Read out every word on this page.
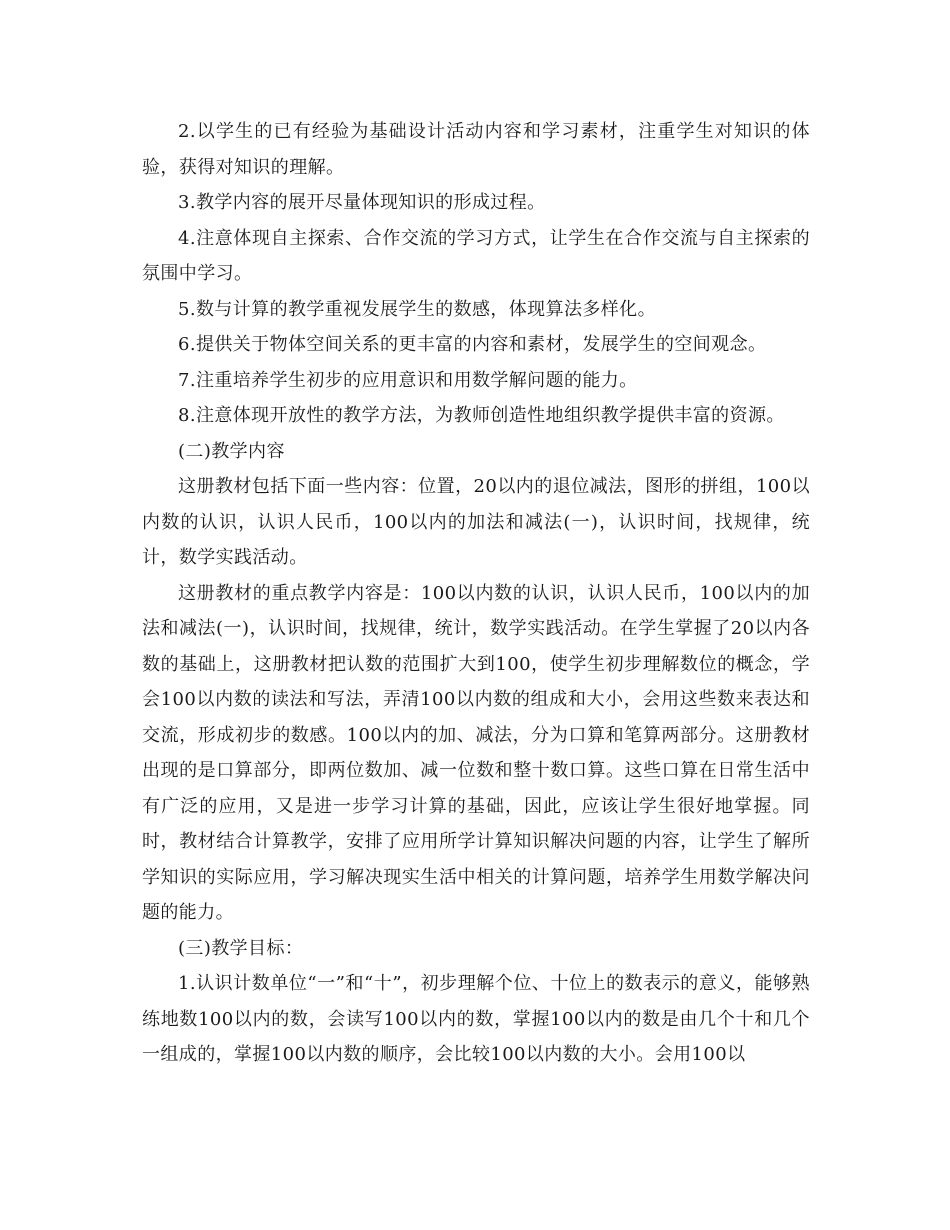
2.以学生的已有经验为基础设计活动内容和学习素材，注重学生对知识的体验，获得对知识的理解。

3.教学内容的展开尽量体现知识的形成过程。

4.注意体现自主探索、合作交流的学习方式，让学生在合作交流与自主探索的氛围中学习。

5.数与计算的教学重视发展学生的数感，体现算法多样化。

6.提供关于物体空间关系的更丰富的内容和素材，发展学生的空间观念。

7.注重培养学生初步的应用意识和用数学解问题的能力。

8.注意体现开放性的教学方法，为教师创造性地组织教学提供丰富的资源。

(二)教学内容

这册教材包括下面一些内容：位置，20以内的退位减法，图形的拼组，100以内数的认识，认识人民币，100以内的加法和减法(一)，认识时间，找规律，统计，数学实践活动。

这册教材的重点教学内容是：100以内数的认识，认识人民币，100以内的加法和减法(一)，认识时间，找规律，统计，数学实践活动。在学生掌握了20以内各数的基础上，这册教材把认数的范围扩大到100，使学生初步理解数位的概念，学会100以内数的读法和写法，弄清100以内数的组成和大小，会用这些数来表达和交流，形成初步的数感。100以内的加、减法，分为口算和笔算两部分。这册教材出现的是口算部分，即两位数加、减一位数和整十数口算。这些口算在日常生活中有广泛的应用，又是进一步学习计算的基础，因此，应该让学生很好地掌握。同时，教材结合计算教学，安排了应用所学计算知识解决问题的内容，让学生了解所学知识的实际应用，学习解决现实生活中相关的计算问题，培养学生用数学解决问题的能力。

(三)教学目标：

1.认识计数单位“一”和“十”，初步理解个位、十位上的数表示的意义，能够熟练地数100以内的数，会读写100以内的数，掌握100以内的数是由几个十和几个一组成的，掌握100以内数的顺序，会比较100以内数的大小。会用100以
